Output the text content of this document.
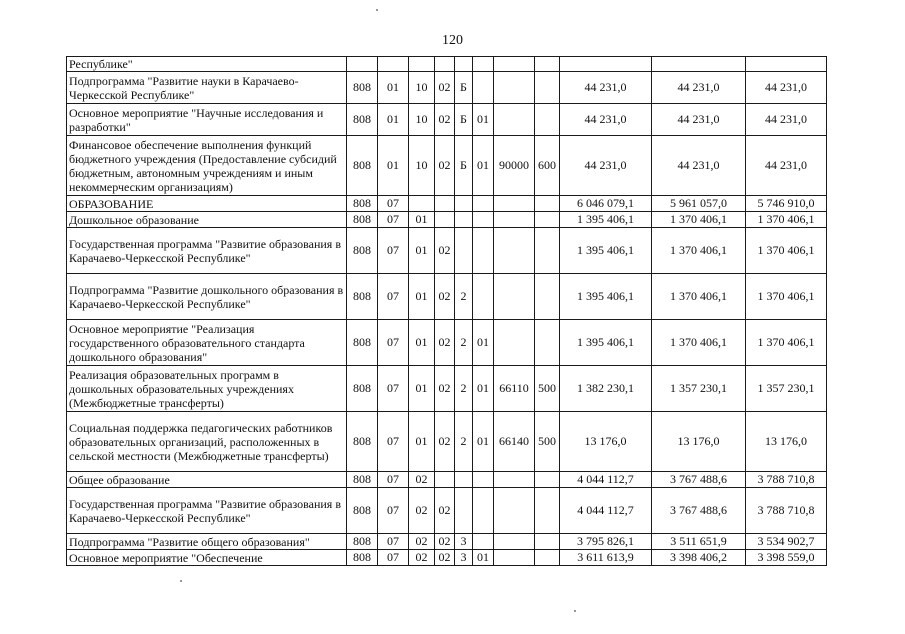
120
Республике"											
Подпрограмма "Развитие науки в Карачаево-Черкесской Республике"	808	01	10	02	Б				44 231,0	44 231,0	44 231,0
Основное мероприятие "Научные исследования и разработки"	808	01	10	02	Б	01			44 231,0	44 231,0	44 231,0
Финансовое обеспечение выполнения функций бюджетного учреждения (Предоставление субсидий бюджетным, автономным учреждениям и иным некоммерческим организациям)	808	01	10	02	Б	01	90000	600	44 231,0	44 231,0	44 231,0
ОБРАЗОВАНИЕ	808	07							6 046 079,1	5 961 057,0	5 746 910,0
Дошкольное образование	808	07	01						1 395 406,1	1 370 406,1	1 370 406,1
Государственная программа "Развитие образования в Карачаево-Черкесской Республике"	808	07	01	02					1 395 406,1	1 370 406,1	1 370 406,1
Подпрограмма "Развитие дошкольного образования в Карачаево-Черкесской Республике"	808	07	01	02	2				1 395 406,1	1 370 406,1	1 370 406,1
Основное мероприятие "Реализация государственного образовательного стандарта дошкольного образования"	808	07	01	02	2	01			1 395 406,1	1 370 406,1	1 370 406,1
Реализация образовательных программ в дошкольных образовательных учреждениях (Межбюджетные трансферты)	808	07	01	02	2	01	66110	500	1 382 230,1	1 357 230,1	1 357 230,1
Социальная поддержка педагогических работников образовательных организаций, расположенных в сельской местности (Межбюджетные трансферты)	808	07	01	02	2	01	66140	500	13 176,0	13 176,0	13 176,0
Общее образование	808	07	02						4 044 112,7	3 767 488,6	3 788 710,8
Государственная программа "Развитие образования в Карачаево-Черкесской Республике"	808	07	02	02					4 044 112,7	3 767 488,6	3 788 710,8
Подпрограмма "Развитие общего образования"	808	07	02	02	3				3 795 826,1	3 511 651,9	3 534 902,7
Основное мероприятие "Обеспечение	808	07	02	02	3	01			3 611 613,9	3 398 406,2	3 398 559,0
